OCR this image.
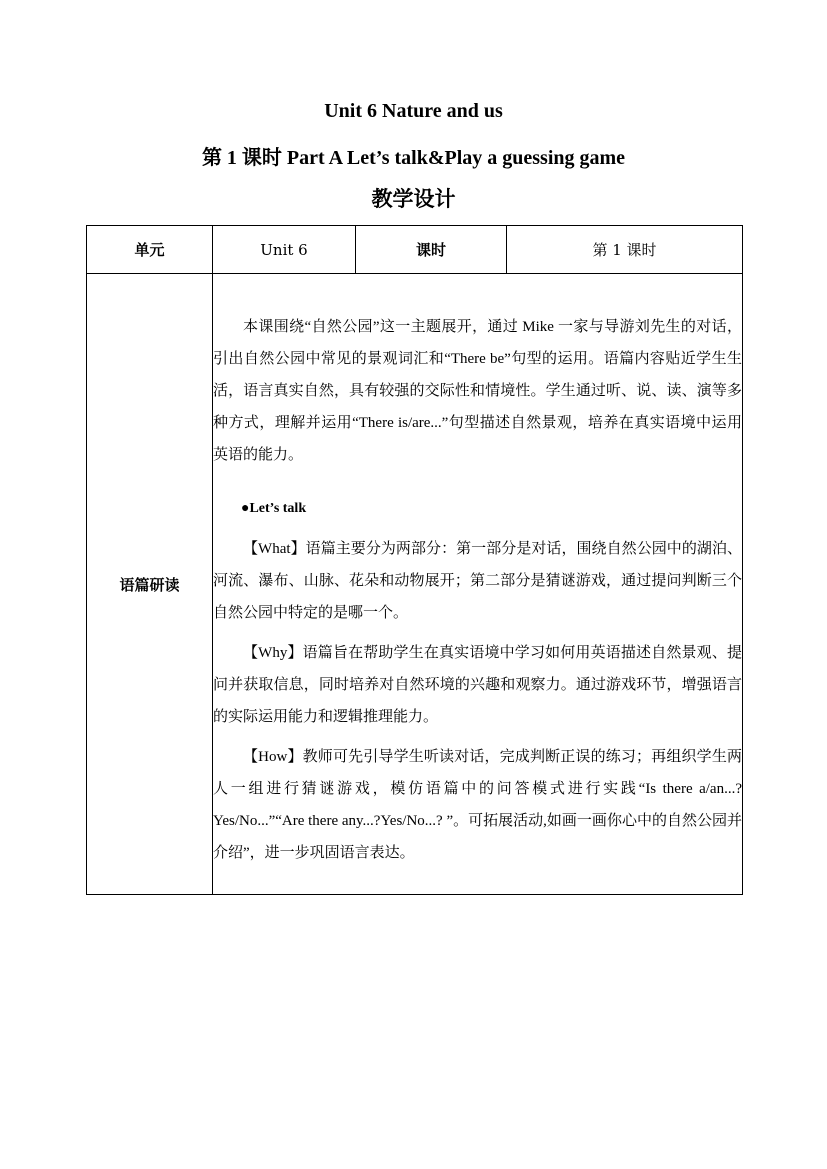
Unit 6 Nature and us
第 1 课时 Part A Let’s talk&Play a guessing game
教学设计
单元	Unit 6	课时	第 1 课时
语篇研读	本课围绕“自然公园”这一主题展开，通过 Mike 一家与导游刘先生的对话，引出自然公园中常见的景观词汇和“There be”句型的运用。语篇内容贴近学生生活，语言真实自然，具有较强的交际性和情境性。学生通过听、说、读、演等多种方式，理解并运用“There is/are...”句型描述自然景观，培养在真实语境中运用英语的能力。

●Let’s talk

【What】语篇主要分为两部分：第一部分是对话，围绕自然公园中的湖泊、河流、瀑布、山脉、花朵和动物展开；第二部分是猜谜游戏，通过提问判断三个自然公园中特定的是哪一个。

【Why】语篇旨在帮助学生在真实语境中学习如何用英语描述自然景观、提问并获取信息，同时培养对自然环境的兴趣和观察力。通过游戏环节，增强语言的实际运用能力和逻辑推理能力。

【How】教师可先引导学生听读对话，完成判断正误的练习；再组织学生两人一组进行猜谜游戏，模仿语篇中的问答模式进行实践“Is there a/an...? Yes/No...”“Are there any...?Yes/No...? ”。可拓展活动,如画一画你心中的自然公园并介绍”，进一步巩固语言表达。		
